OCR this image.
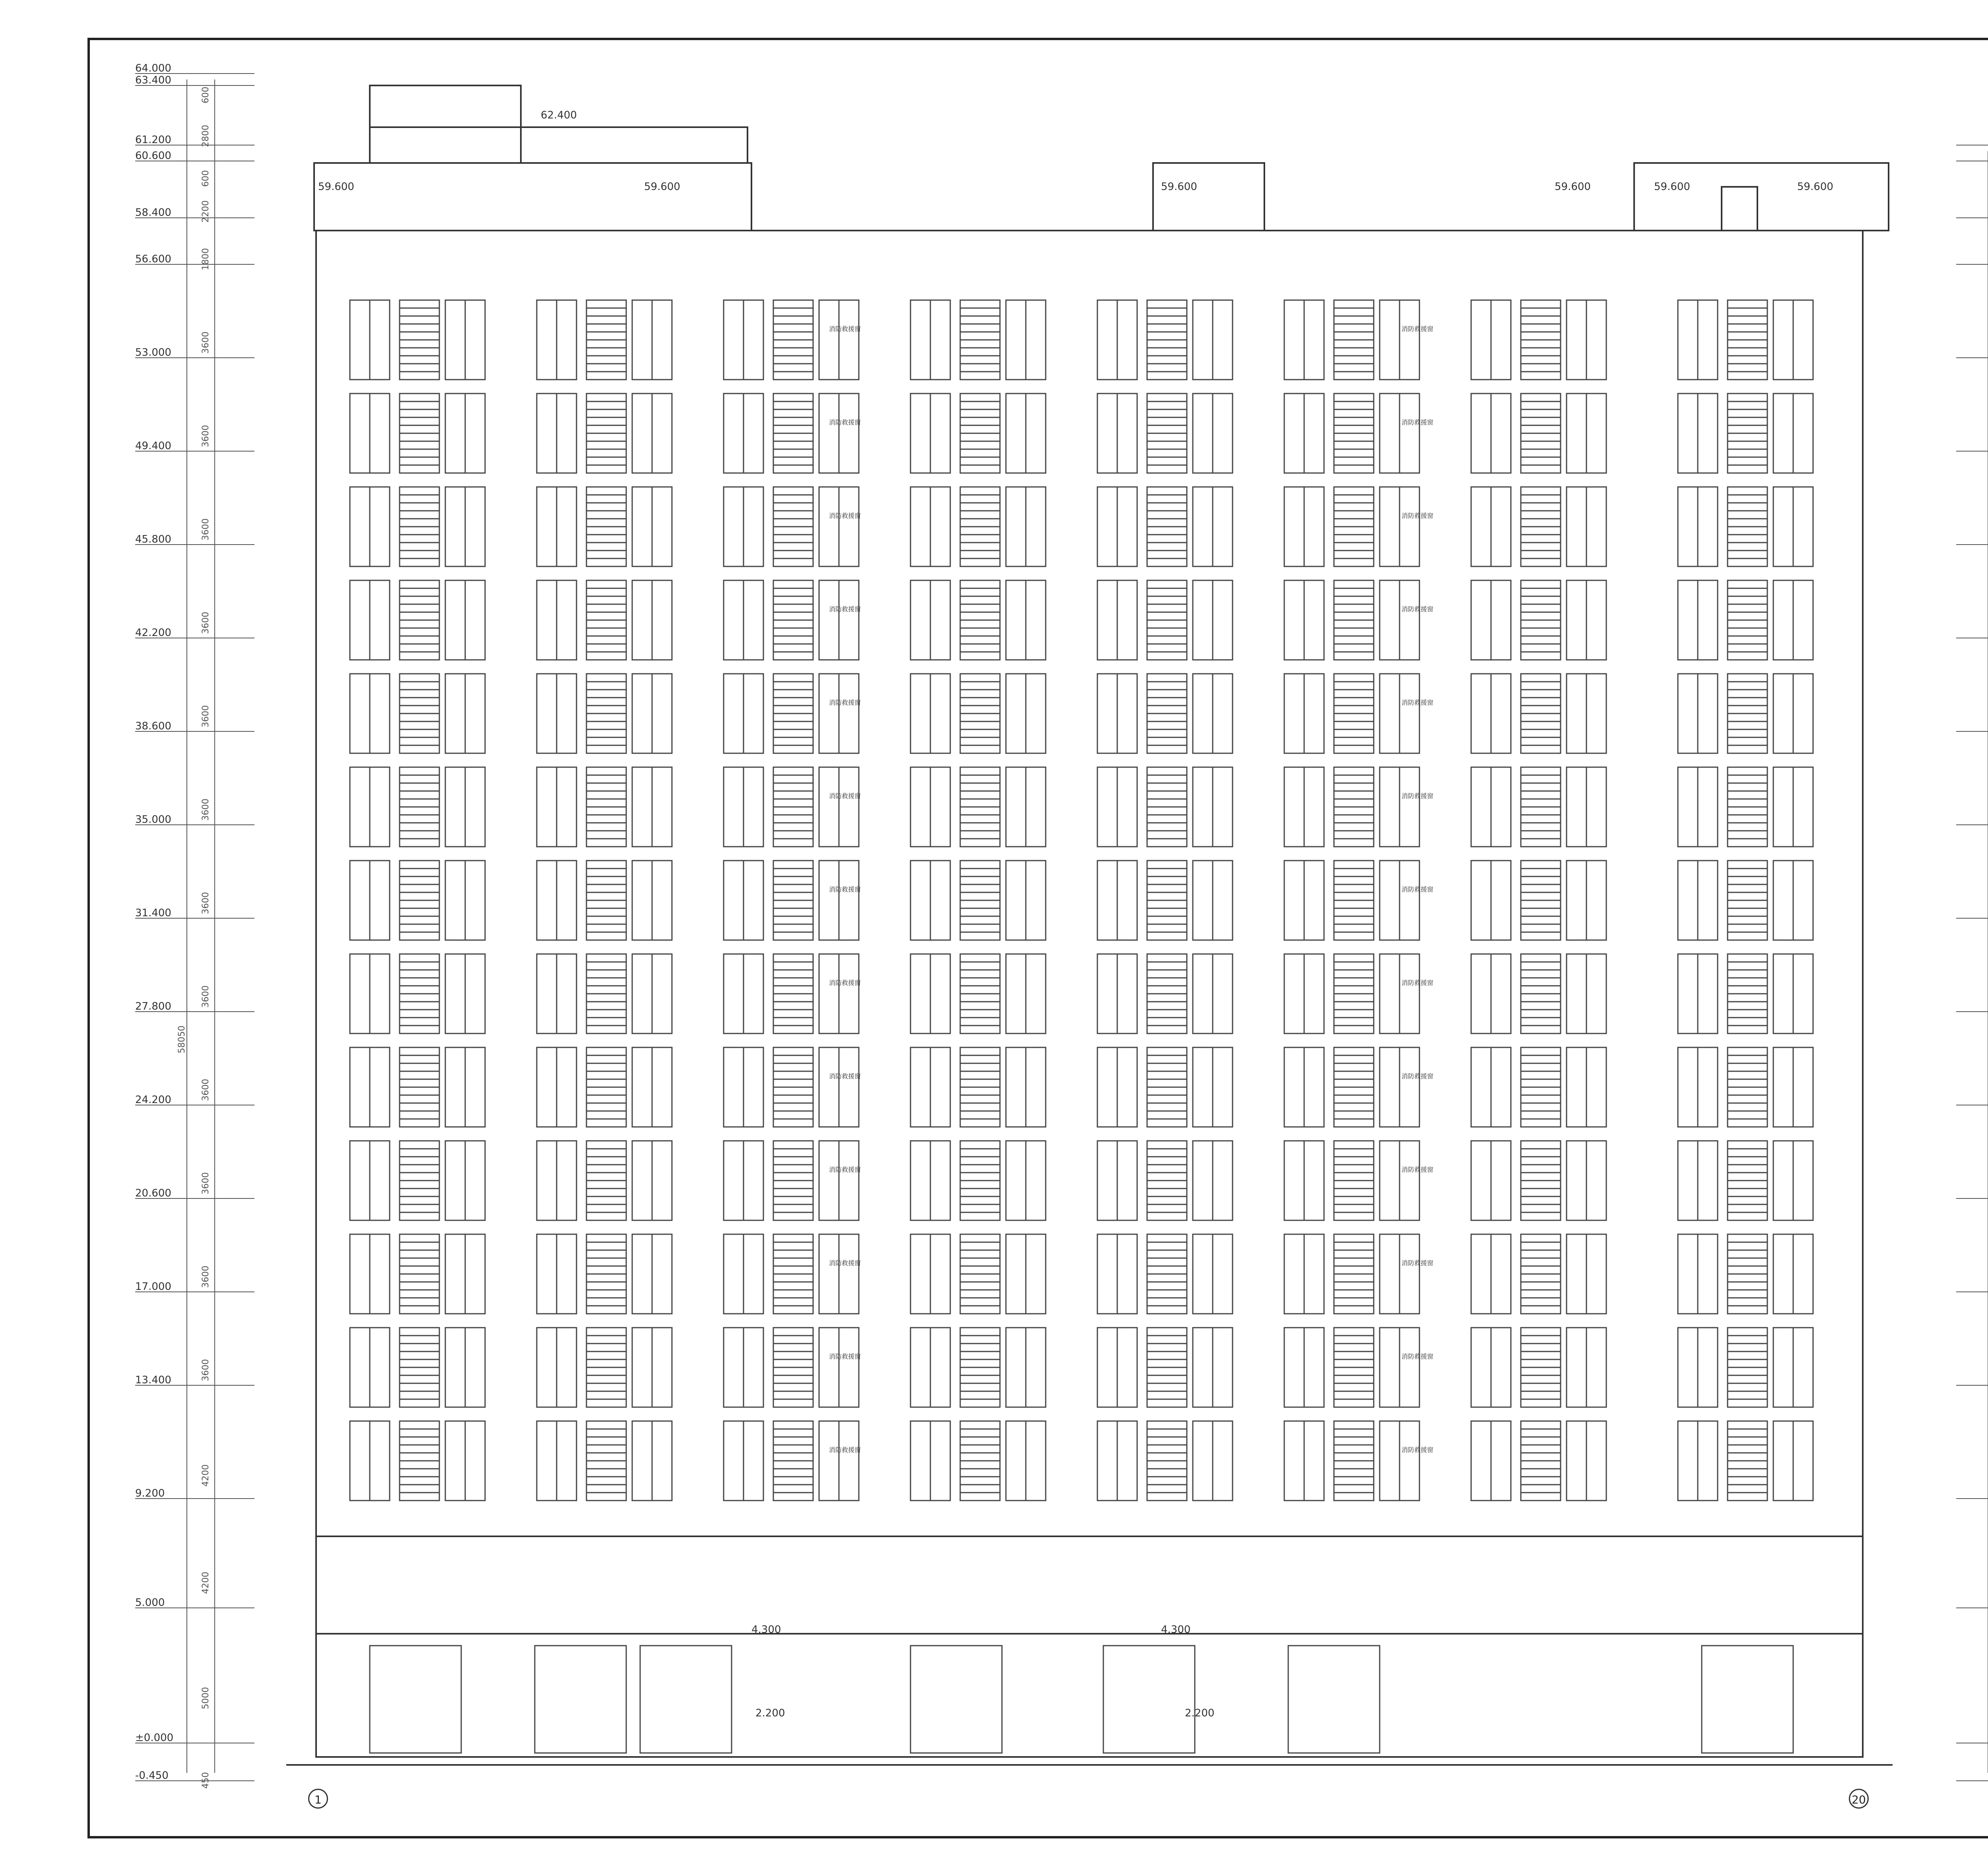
64.000
63.400
61.200
60.600
58.400
56.600
53.000
49.400
45.800
42.200
38.600
35.000
31.400
27.800
24.200
20.600
17.000
13.400
9.200
5.000
±0.000
-0.450
62.400
59.600	59.600	59.600	59.600	59.600	59.600
4.300	4.300
2.200	2.200
600
2800
600
2200
1800
3600
3600
3600
3600
3600
3600
3600
3600
3600
3600
3600
3600
4200
4200
5000
450
58050
消防救援窗	消防救援窗
消防救援窗	消防救援窗
消防救援窗	消防救援窗
消防救援窗	消防救援窗
消防救援窗	消防救援窗
消防救援窗	消防救援窗
消防救援窗	消防救援窗
消防救援窗	消防救援窗
消防救援窗	消防救援窗
消防救援窗	消防救援窗
消防救援窗	消防救援窗
消防救援窗	消防救援窗
消防救援窗	消防救援窗
1	20
